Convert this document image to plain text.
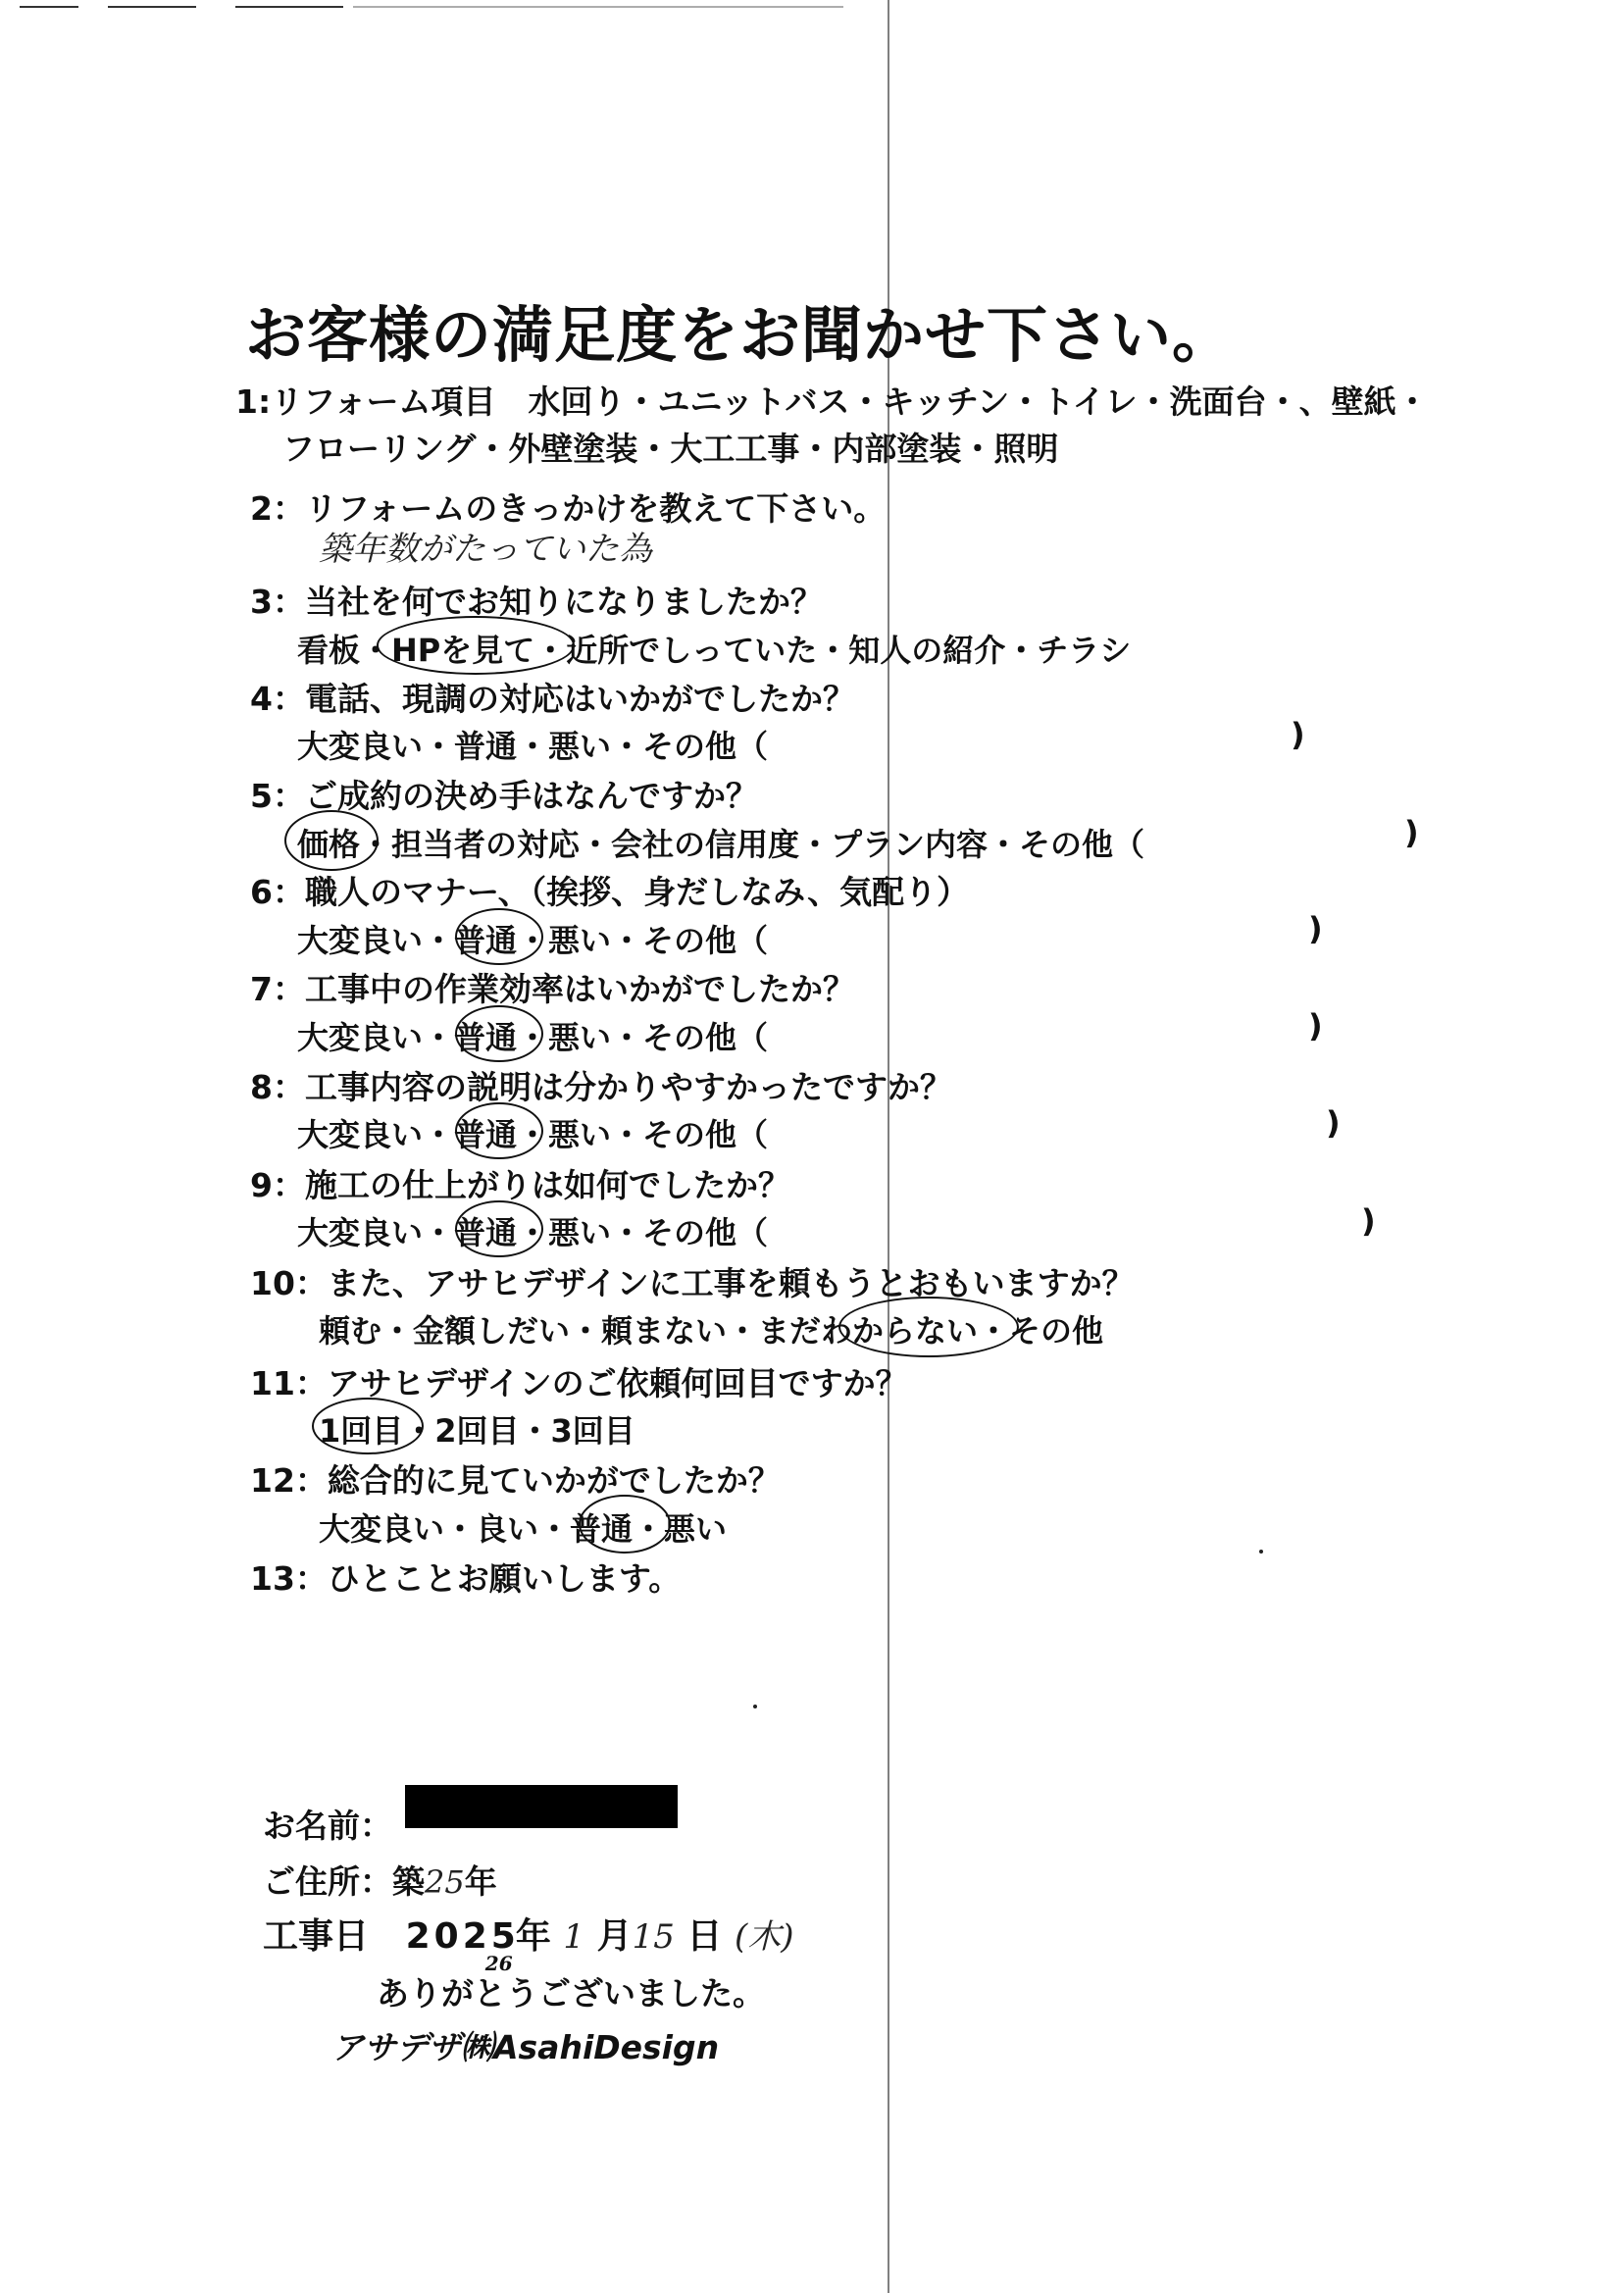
お客様の満足度をお聞かせ下さい。
1:リフォーム項目　水回り・ユニットバス・キッチン・トイレ・洗面台・、壁紙・
フローリング・外壁塗装・大工工事・内部塗装・照明
2：リフォームのきっかけを教えて下さい。
築年数がたっていた為
3：当社を何でお知りになりましたか？
看板・HPを見て・近所でしっていた・知人の紹介・チラシ
4：電話、現調の対応はいかがでしたか？
大変良い・普通・悪い・その他（	)
5：ご成約の決め手はなんですか？
価格・担当者の対応・会社の信用度・プラン内容・その他（	)
6：職人のマナー、（挨拶、身だしなみ、気配り）
大変良い・普通・悪い・その他（	)
7：工事中の作業効率はいかがでしたか？
大変良い・普通・悪い・その他（	)
8：工事内容の説明は分かりやすかったですか？
大変良い・普通・悪い・その他（	)
9：施工の仕上がりは如何でしたか？
大変良い・普通・悪い・その他（	)
10：また、アサヒデザインに工事を頼もうとおもいますか？
頼む・金額しだい・頼まない・まだわからない・その他
11：アサヒデザインのご依頼何回目ですか？
1回目・2回目・3回目
12：総合的に見ていかがでしたか？
大変良い・良い・普通・悪い
13：ひとことお願いします。
お名前：
ご住所： 築25年
工事日 2025
26
年 1 月15 日 (木)
ありがとうございました。
アサデザ㈱AsahiDesign
